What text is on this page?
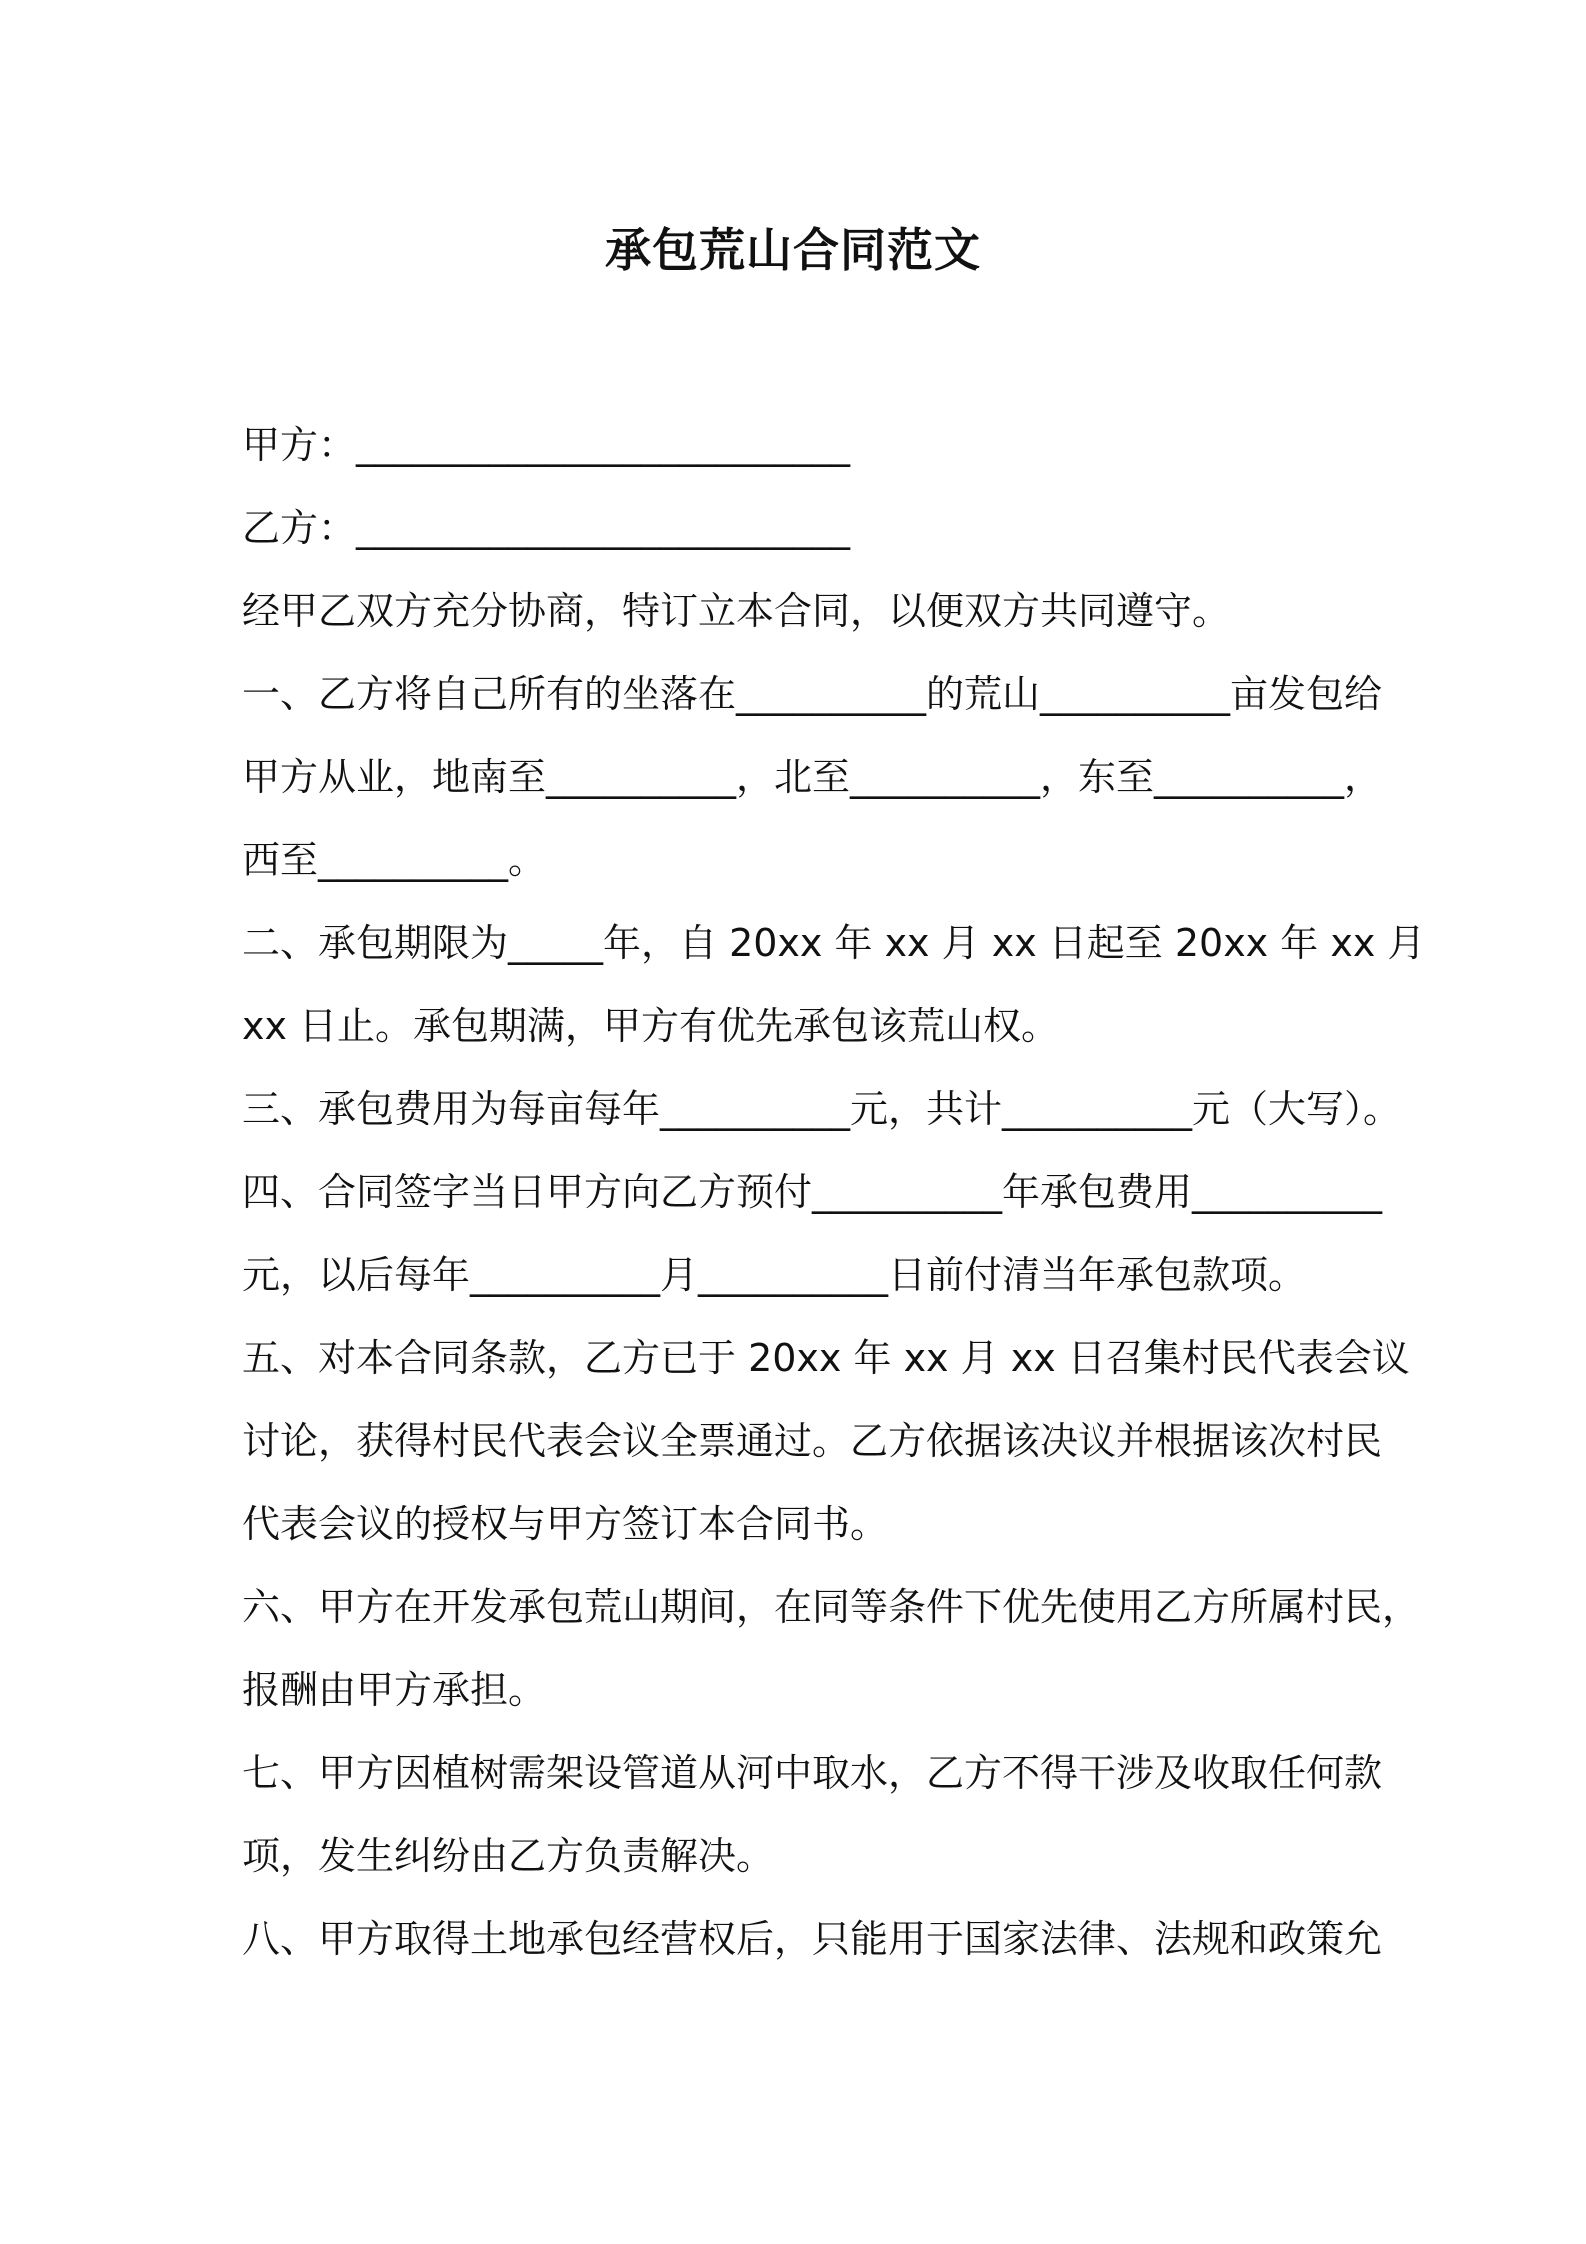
承包荒山合同范文

甲方：__________________________

乙方：__________________________

经甲乙双方充分协商，特订立本合同，以便双方共同遵守。

一、乙方将自己所有的坐落在__________的荒山__________亩发包给

甲方从业，地南至__________，北至__________，东至__________，

西至__________。

二、承包期限为_____年，自 20xx 年 xx 月 xx 日起至 20xx 年 xx 月

xx 日止。承包期满，甲方有优先承包该荒山权。

三、承包费用为每亩每年__________元，共计__________元（大写）。

四、合同签字当日甲方向乙方预付__________年承包费用__________

元，以后每年__________月__________日前付清当年承包款项。

五、对本合同条款，乙方已于 20xx 年 xx 月 xx 日召集村民代表会议

讨论，获得村民代表会议全票通过。乙方依据该决议并根据该次村民

代表会议的授权与甲方签订本合同书。

六、甲方在开发承包荒山期间，在同等条件下优先使用乙方所属村民，

报酬由甲方承担。

七、甲方因植树需架设管道从河中取水，乙方不得干涉及收取任何款

项，发生纠纷由乙方负责解决。

八、甲方取得土地承包经营权后，只能用于国家法律、法规和政策允
